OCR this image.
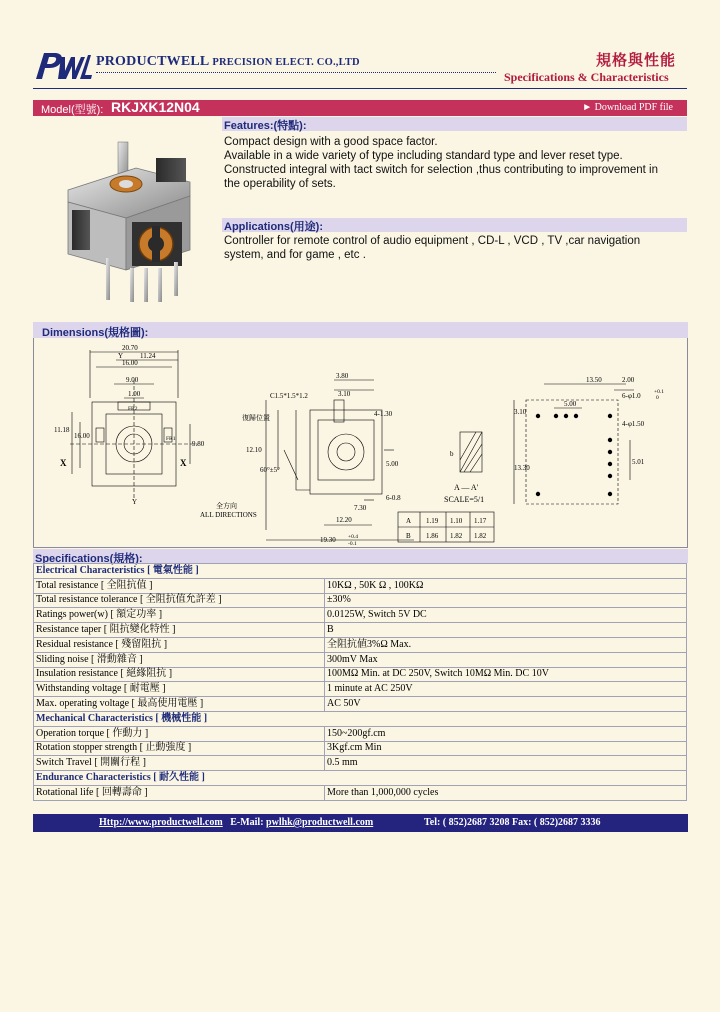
PRODUCTWELL PRECISION ELECT. CO.,LTD	規格與性能
Specifications & Characteristics
Model(型號): RKJXK12N04	► Download PDF file
Features:(特點):
Compact design with a good space factor.
Available in a wide variety of type including standard type and lever reset type.
Constructed integral with tact switch for selection ,thus contributing to improvement in
the operability of sets.
Applications(用途):
Controller for remote control of audio equipment , CD-L , VCD , TV ,car navigation
system, and for game , etc .
Dimensions(規格圖):
20.70
11.24
Y
16.00
9.00
1.00
11.18
16.00
9.80
X	X
Y
FR2
FR1
3.80
3.10
4-1.30
C1.5*1.5*1.2
復歸位置
12.10
60°±5°
5.00
6-0.8
7.30
12.20
19.30 +0.4
-0.1
全方向
ALL DIRECTIONS
b
A — A'
SCALE=5/1
A 1.19 1.10 1.17
B 1.86 1.82 1.82
13.50	2.00
6-φ1.0 +0.1
0
3.10
5.00
4-φ1.50
13.30
5.01
Specifications(規格):
Electrical Characteristics [ 電氣性能 ]	
Total resistance [ 全阻抗值 ]	10KΩ , 50K Ω , 100KΩ
Total resistance tolerance [ 全阻抗值允許差 ]	±30%
Ratings power(w) [ 額定功率 ]	0.0125W, Switch 5V DC
Resistance taper [ 阻抗變化特性 ]	B
Residual resistance [ 殘留阻抗 ]	全阻抗値3%Ω Max.
Sliding noise [ 滑動雜音 ]	300mV Max
Insulation resistance [ 絕緣阻抗 ]	100MΩ Min. at DC 250V, Switch 10MΩ Min. DC 10V
Withstanding voltage [ 耐電壓 ]	1 minute at AC 250V
Max. operating voltage [ 最高使用電壓 ]	AC 50V
Mechanical Characteristics [ 機械性能 ]	
Operation torque [ 作動力 ]	150~200gf.cm
Rotation stopper strength [ 止動強度 ]	3Kgf.cm Min
Switch Travel [ 開關行程 ]	0.5 mm
Endurance Characteristics [ 耐久性能 ]	
Rotational life [ 回轉壽命 ]	More than 1,000,000 cycles
Http://www.productwell.com E-Mail: pwlhk@productwell.com	Tel: ( 852)2687 3208 Fax: ( 852)2687 3336
